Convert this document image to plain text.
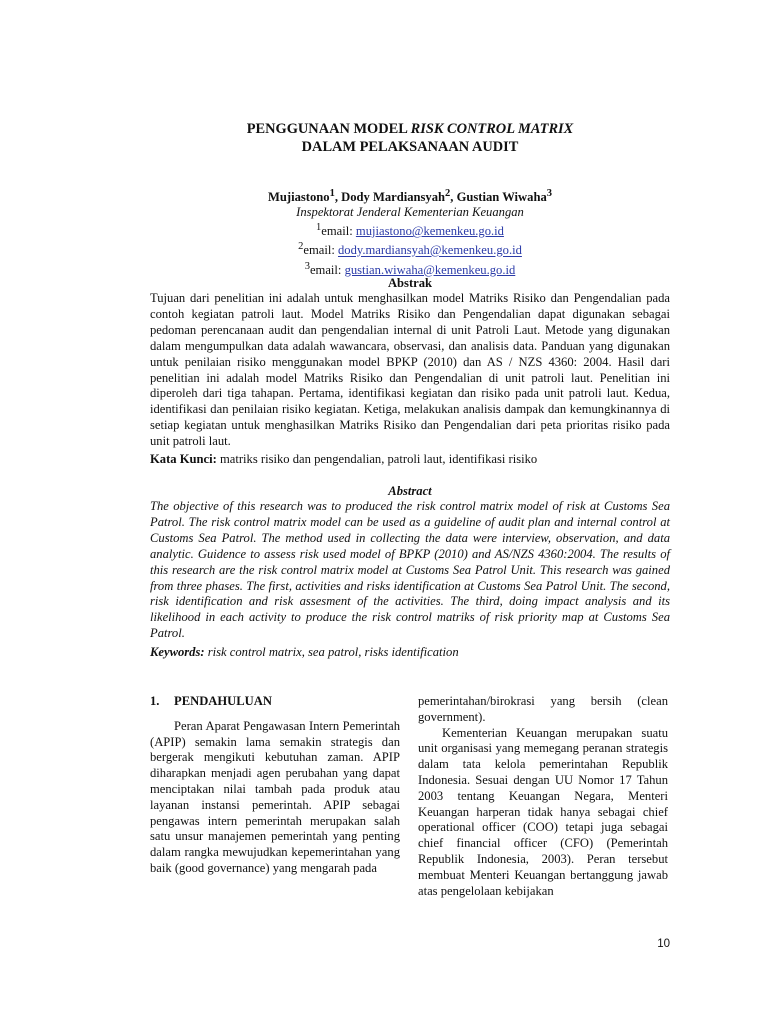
PENGGUNAAN MODEL RISK CONTROL MATRIX
DALAM PELAKSANAAN AUDIT
Mujiastono$^1$, Dody Mardiansyah$^2$, Gustian Wiwaha$^3$
Inspektorat Jenderal Kementerian Keuangan
$^1$email: mujiastono@kemenkeu.go.id
$^2$email: dody.mardiansyah@kemenkeu.go.id
$^3$email: gustian.wiwaha@kemenkeu.go.id
Abstrak
Tujuan dari penelitian ini adalah untuk menghasilkan model Matriks Risiko dan Pengendalian pada contoh kegiatan patroli laut. Model Matriks Risiko dan Pengendalian dapat digunakan sebagai pedoman perencanaan audit dan pengendalian internal di unit Patroli Laut. Metode yang digunakan dalam mengumpulkan data adalah wawancara, observasi, dan analisis data. Panduan yang digunakan untuk penilaian risiko menggunakan model BPKP (2010) dan AS / NZS 4360: 2004. Hasil dari penelitian ini adalah model Matriks Risiko dan Pengendalian di unit patroli laut. Penelitian ini diperoleh dari tiga tahapan. Pertama, identifikasi kegiatan dan risiko pada unit patroli laut. Kedua, identifikasi dan penilaian risiko kegiatan. Ketiga, melakukan analisis dampak dan kemungkinannya di setiap kegiatan untuk menghasilkan Matriks Risiko dan Pengendalian dari peta prioritas risiko pada unit patroli laut.
Kata Kunci: matriks risiko dan pengendalian, patroli laut, identifikasi risiko
Abstract
The objective of this research was to produced the risk control matrix model of risk at Customs Sea Patrol. The risk control matrix model can be used as a guideline of audit plan and internal control at Customs Sea Patrol. The method used in collecting the data were interview, observation, and data analytic. Guidence to assess risk used model of BPKP (2010) and AS/NZS 4360:2004. The results of this research are the risk control matrix model at Customs Sea Patrol Unit. This research was gained from three phases. The first, activities and risks identification at Customs Sea Patrol Unit. The second, risk identification and risk assesment of the activities. The third, doing impact analysis and its likelihood in each activity to produce the risk control matriks of risk priority map at Customs Sea Patrol.
Keywords: risk control matrix, sea patrol, risks identification
1. PENDAHULUAN

Peran Aparat Pengawasan Intern Pemerintah (APIP) semakin lama semakin strategis dan bergerak mengikuti kebutuhan zaman. APIP diharapkan menjadi agen perubahan yang dapat menciptakan nilai tambah pada produk atau layanan instansi pemerintah. APIP sebagai pengawas intern pemerintah merupakan salah satu unsur manajemen pemerintah yang penting dalam rangka mewujudkan kepemerintahan yang baik (good governance) yang mengarah pada

pemerintahan/birokrasi yang bersih (clean government).

Kementerian Keuangan merupakan suatu unit organisasi yang memegang peranan strategis dalam tata kelola pemerintahan Republik Indonesia. Sesuai dengan UU Nomor 17 Tahun 2003 tentang Keuangan Negara, Menteri Keuangan harperan tidak hanya sebagai chief operational officer (COO) tetapi juga sebagai chief financial officer (CFO) (Pemerintah Republik Indonesia, 2003). Peran tersebut membuat Menteri Keuangan bertanggung jawab atas pengelolaan kebijakan

10
